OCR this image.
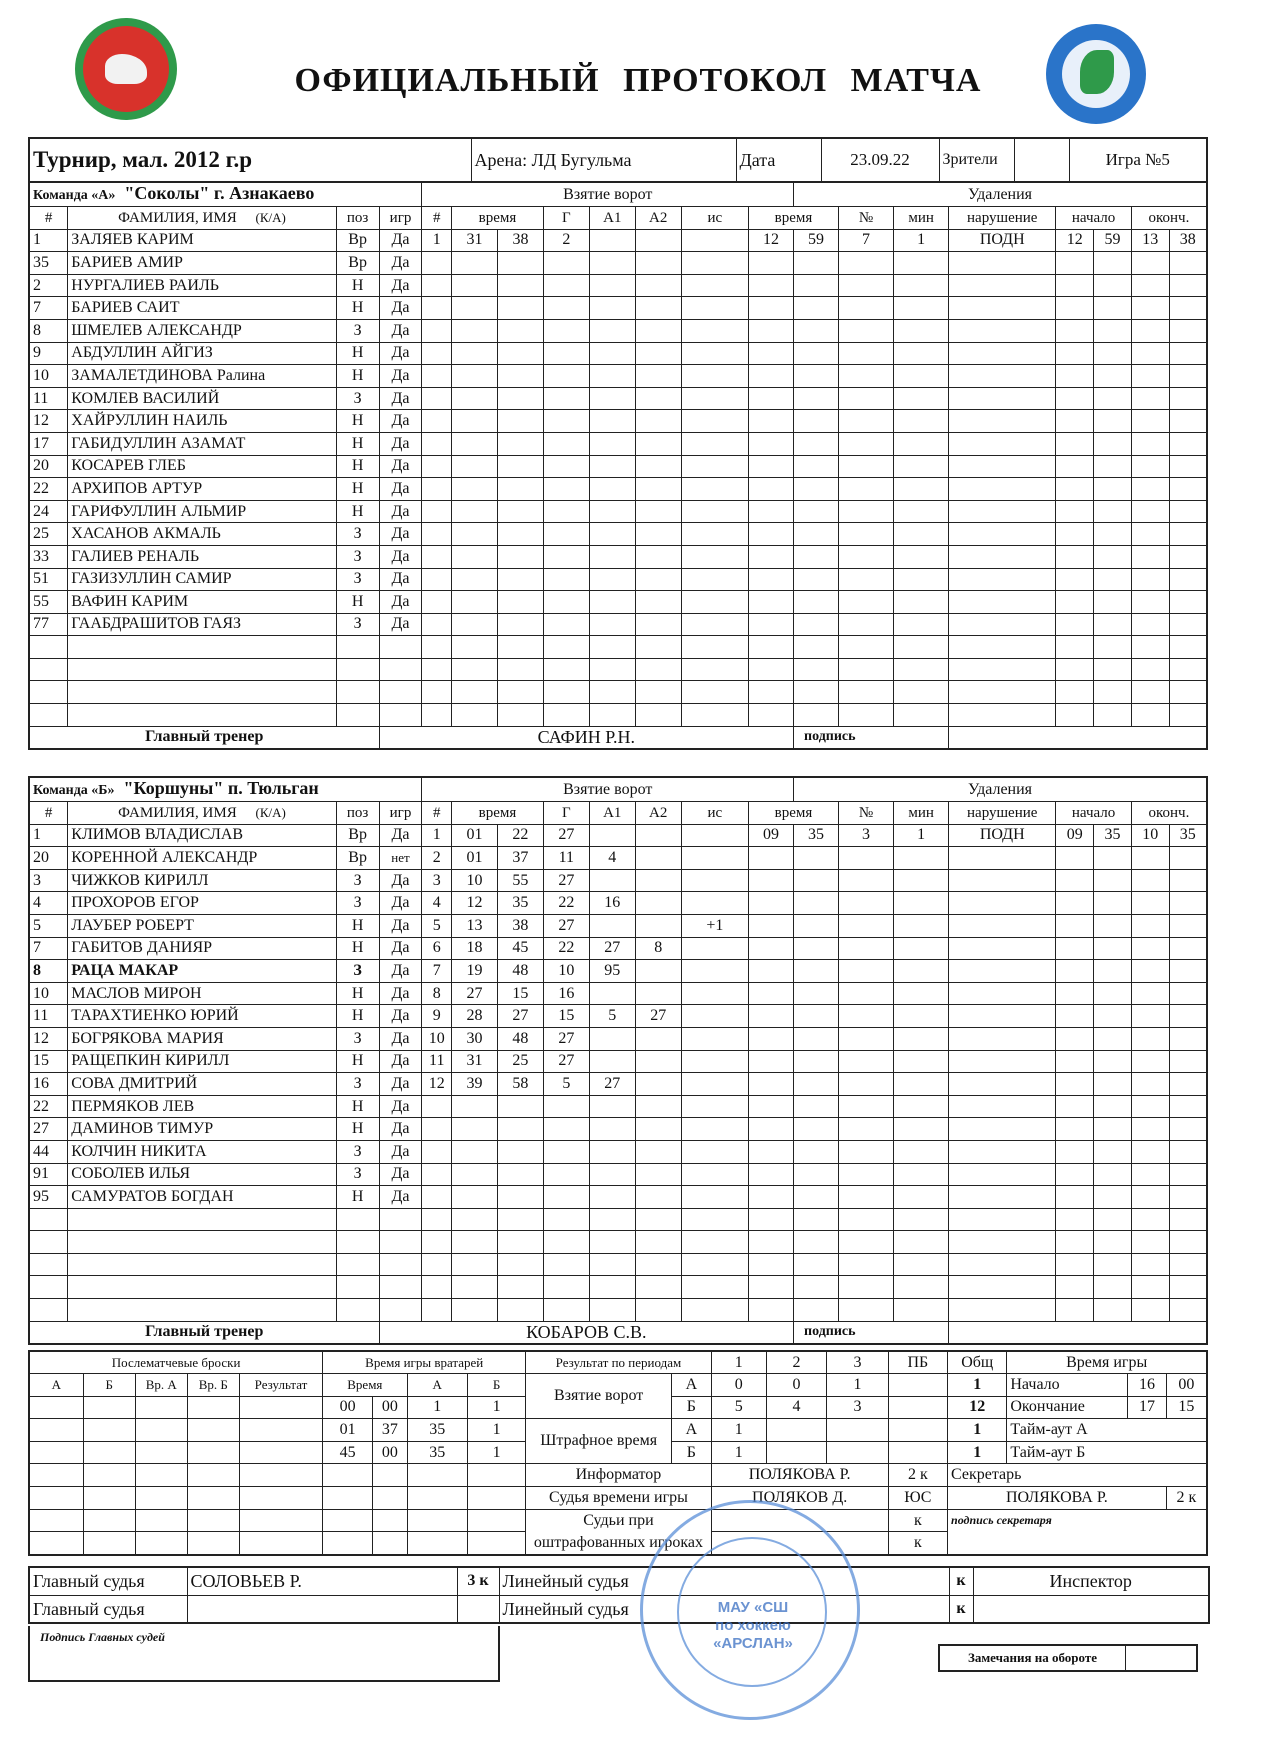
ОФИЦИАЛЬНЫЙ ПРОТОКОЛ МАТЧА
Турнир, мал. 2012 г.р	Арена: ЛД Бугульма	Дата	23.09.22	Зрители		Игра №5
Команда «А» "Соколы" г. Азнакаево				Взятие ворот								Удаления							
#	ФАМИЛИЯ, ИМЯ (К/А)	поз	игр	#	время		Г	А1	А2	ис	время		№	мин	нарушение	начало		оконч.	
1	ЗАЛЯЕВ КАРИМ	Вр	Да	1	31	38	2				12	59	7	1	ПОДН	12	59	13	38
35	БАРИЕВ АМИР	Вр	Да																
2	НУРГАЛИЕВ РАИЛЬ	Н	Да																
7	БАРИЕВ САИТ	Н	Да																
8	ШМЕЛЕВ АЛЕКСАНДР	З	Да																
9	АБДУЛЛИН АЙГИЗ	Н	Да																
10	ЗАМАЛЕТДИНОВА Ралина	Н	Да																
11	КОМЛЕВ ВАСИЛИЙ	З	Да																
12	ХАЙРУЛЛИН НАИЛЬ	Н	Да																
17	ГАБИДУЛЛИН АЗАМАТ	Н	Да																
20	КОСАРЕВ ГЛЕБ	Н	Да																
22	АРХИПОВ АРТУР	Н	Да																
24	ГАРИФУЛЛИН АЛЬМИР	Н	Да																
25	ХАСАНОВ АКМАЛЬ	З	Да																
33	ГАЛИЕВ РЕНАЛЬ	З	Да																
51	ГАЗИЗУЛЛИН САМИР	З	Да																
55	ВАФИН КАРИМ	Н	Да																
77	ГААБДРАШИТОВ ГАЯЗ	З	Да																

Главный тренер			САФИН Р.Н.									подпись							
Команда «Б» "Коршуны" п. Тюльган				Взятие ворот								Удаления							
#	ФАМИЛИЯ, ИМЯ (К/А)	поз	игр	#	время		Г	А1	А2	ис	время		№	мин	нарушение	начало		оконч.	
1	КЛИМОВ ВЛАДИСЛАВ	Вр	Да	1	01	22	27				09	35	3	1	ПОДН	09	35	10	35
20	КОРЕННОЙ АЛЕКСАНДР	Вр	нет	2	01	37	11	4											
3	ЧИЖКОВ КИРИЛЛ	З	Да	3	10	55	27												
4	ПРОХОРОВ ЕГОР	З	Да	4	12	35	22	16											
5	ЛАУБЕР РОБЕРТ	Н	Да	5	13	38	27			+1									
7	ГАБИТОВ ДАНИЯР	Н	Да	6	18	45	22	27	8										
8	РАЦА МАКАР	З	Да	7	19	48	10	95											
10	МАСЛОВ МИРОН	Н	Да	8	27	15	16												
11	ТАРАХТИЕНКО ЮРИЙ	Н	Да	9	28	27	15	5	27										
12	БОГРЯКОВА МАРИЯ	З	Да	10	30	48	27												
15	РАЩЕПКИН КИРИЛЛ	Н	Да	11	31	25	27												
16	СОВА ДМИТРИЙ	З	Да	12	39	58	5	27											
22	ПЕРМЯКОВ ЛЕВ	Н	Да																
27	ДАМИНОВ ТИМУР	Н	Да																
44	КОЛЧИН НИКИТА	З	Да																
91	СОБОЛЕВ ИЛЬЯ	З	Да																
95	САМУРАТОВ БОГДАН	Н	Да																

Главный тренер			КОБАРОВ С.В.									подпись							
Послематчевые броски					Время игры вратарей				Результат по периодам		1	2	3	ПБ	Общ	Время игры		
А	Б	Вр. А	Вр. Б	Результат	Время		А	Б	Взятие ворот	А	0	0	1		1	Начало	16	00
					00	00	1	1		Б	5	4	3		12	Окончание	17	15
					01	37	35	1	Штрафное время	А	1				1	Тайм-аут А		
					45	00	35	1		Б	1				1	Тайм-аут Б		
									Информатор		ПОЛЯКОВА Р.			2 к	Секретарь			
									Судья времени игры		ПОЛЯКОВ Д.			ЮС	ПОЛЯКОВА Р.			2 к
									Судьи при оштрафованных игроках					к	подпись секретаря			
														к				
Главный судья	СОЛОВЬЕВ Р.	3 к	Линейный судья	к	Инспектор
Главный судья			Линейный судья	к	
Подпись Главных судей
Замечания на обороте
МАУ «СШ
по хоккею
«АРСЛАН»
